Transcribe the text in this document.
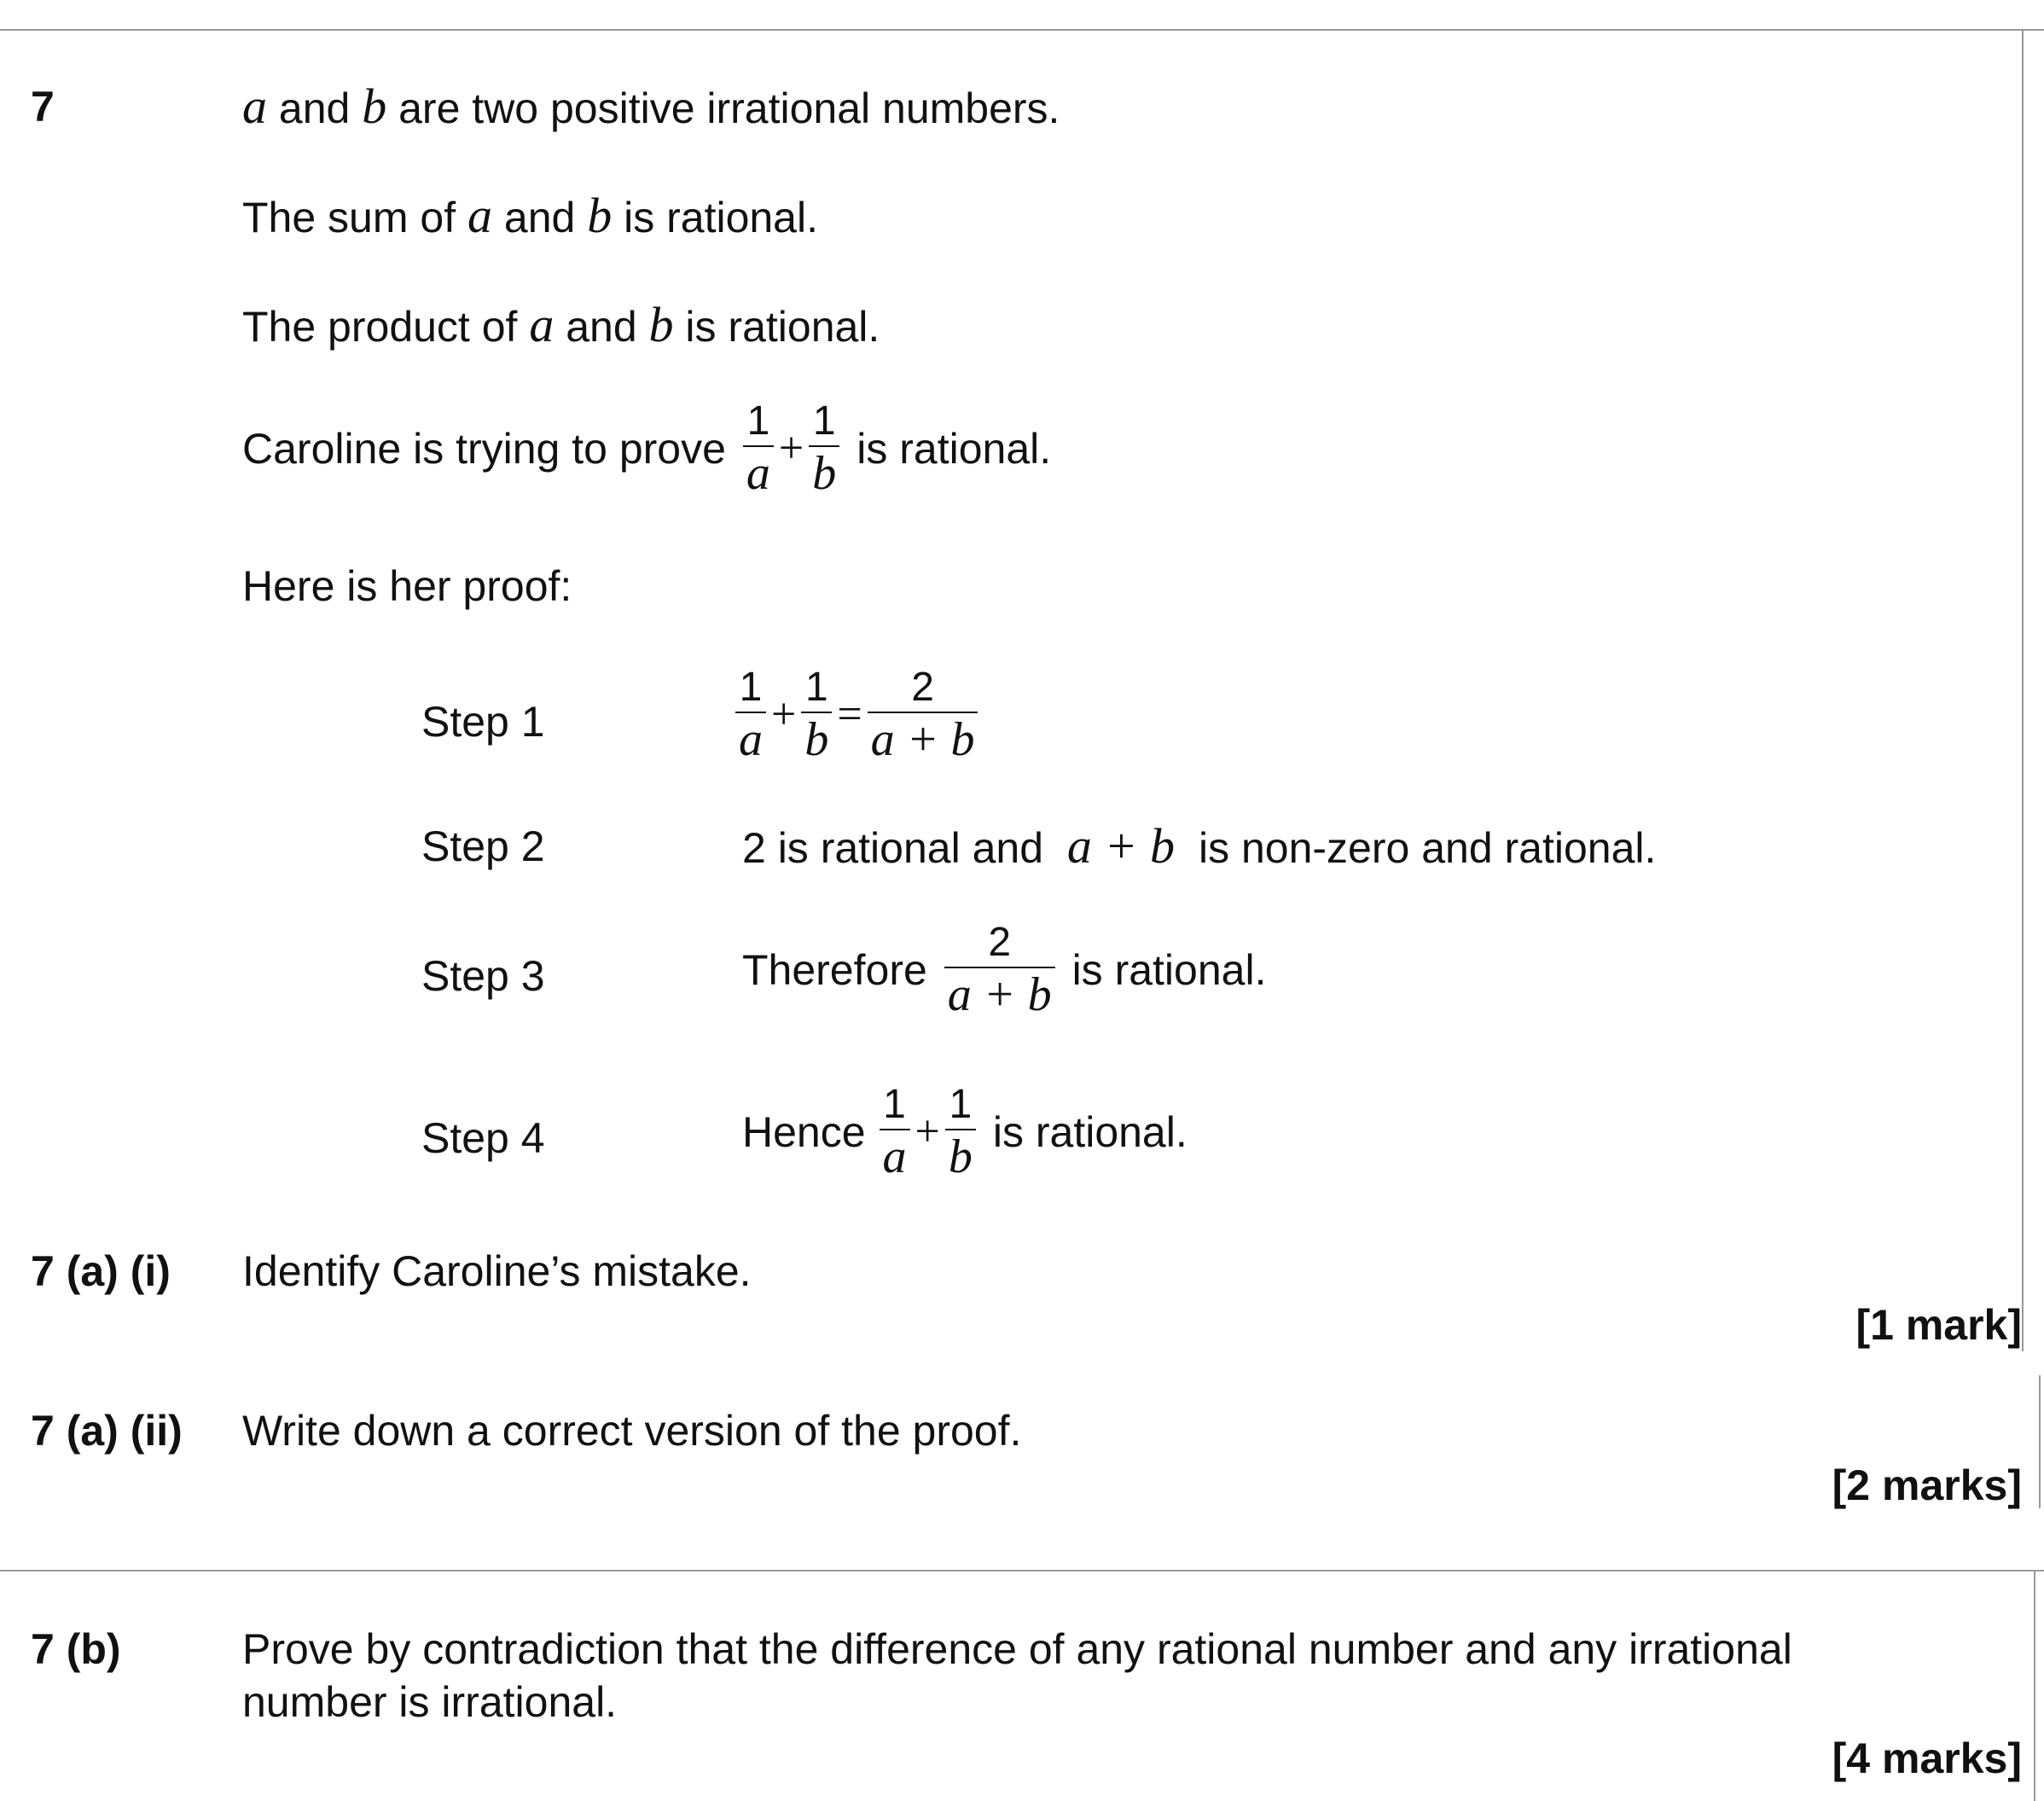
7	a and b are two positive irrational numbers.
The sum of a and b is rational.
The product of a and b is rational.
Caroline is trying to prove $\frac{1}{a} + \frac{1}{b}$ is rational.
Here is her proof:
Step 1	$\frac{1}{a} + \frac{1}{b} = \frac{2}{a + b}$
Step 2	2 is rational and a + b is non-zero and rational.
Step 3	Therefore $\frac{2}{a + b}$ is rational.
Step 4	Hence $\frac{1}{a} + \frac{1}{b}$ is rational.
7 (a) (i) Identify Caroline’s mistake.
[1 mark]
7 (a) (ii) Write down a correct version of the proof.
[2 marks]
7 (b)	Prove by contradiction that the difference of any rational number and any irrational
number is irrational.
[4 marks]
